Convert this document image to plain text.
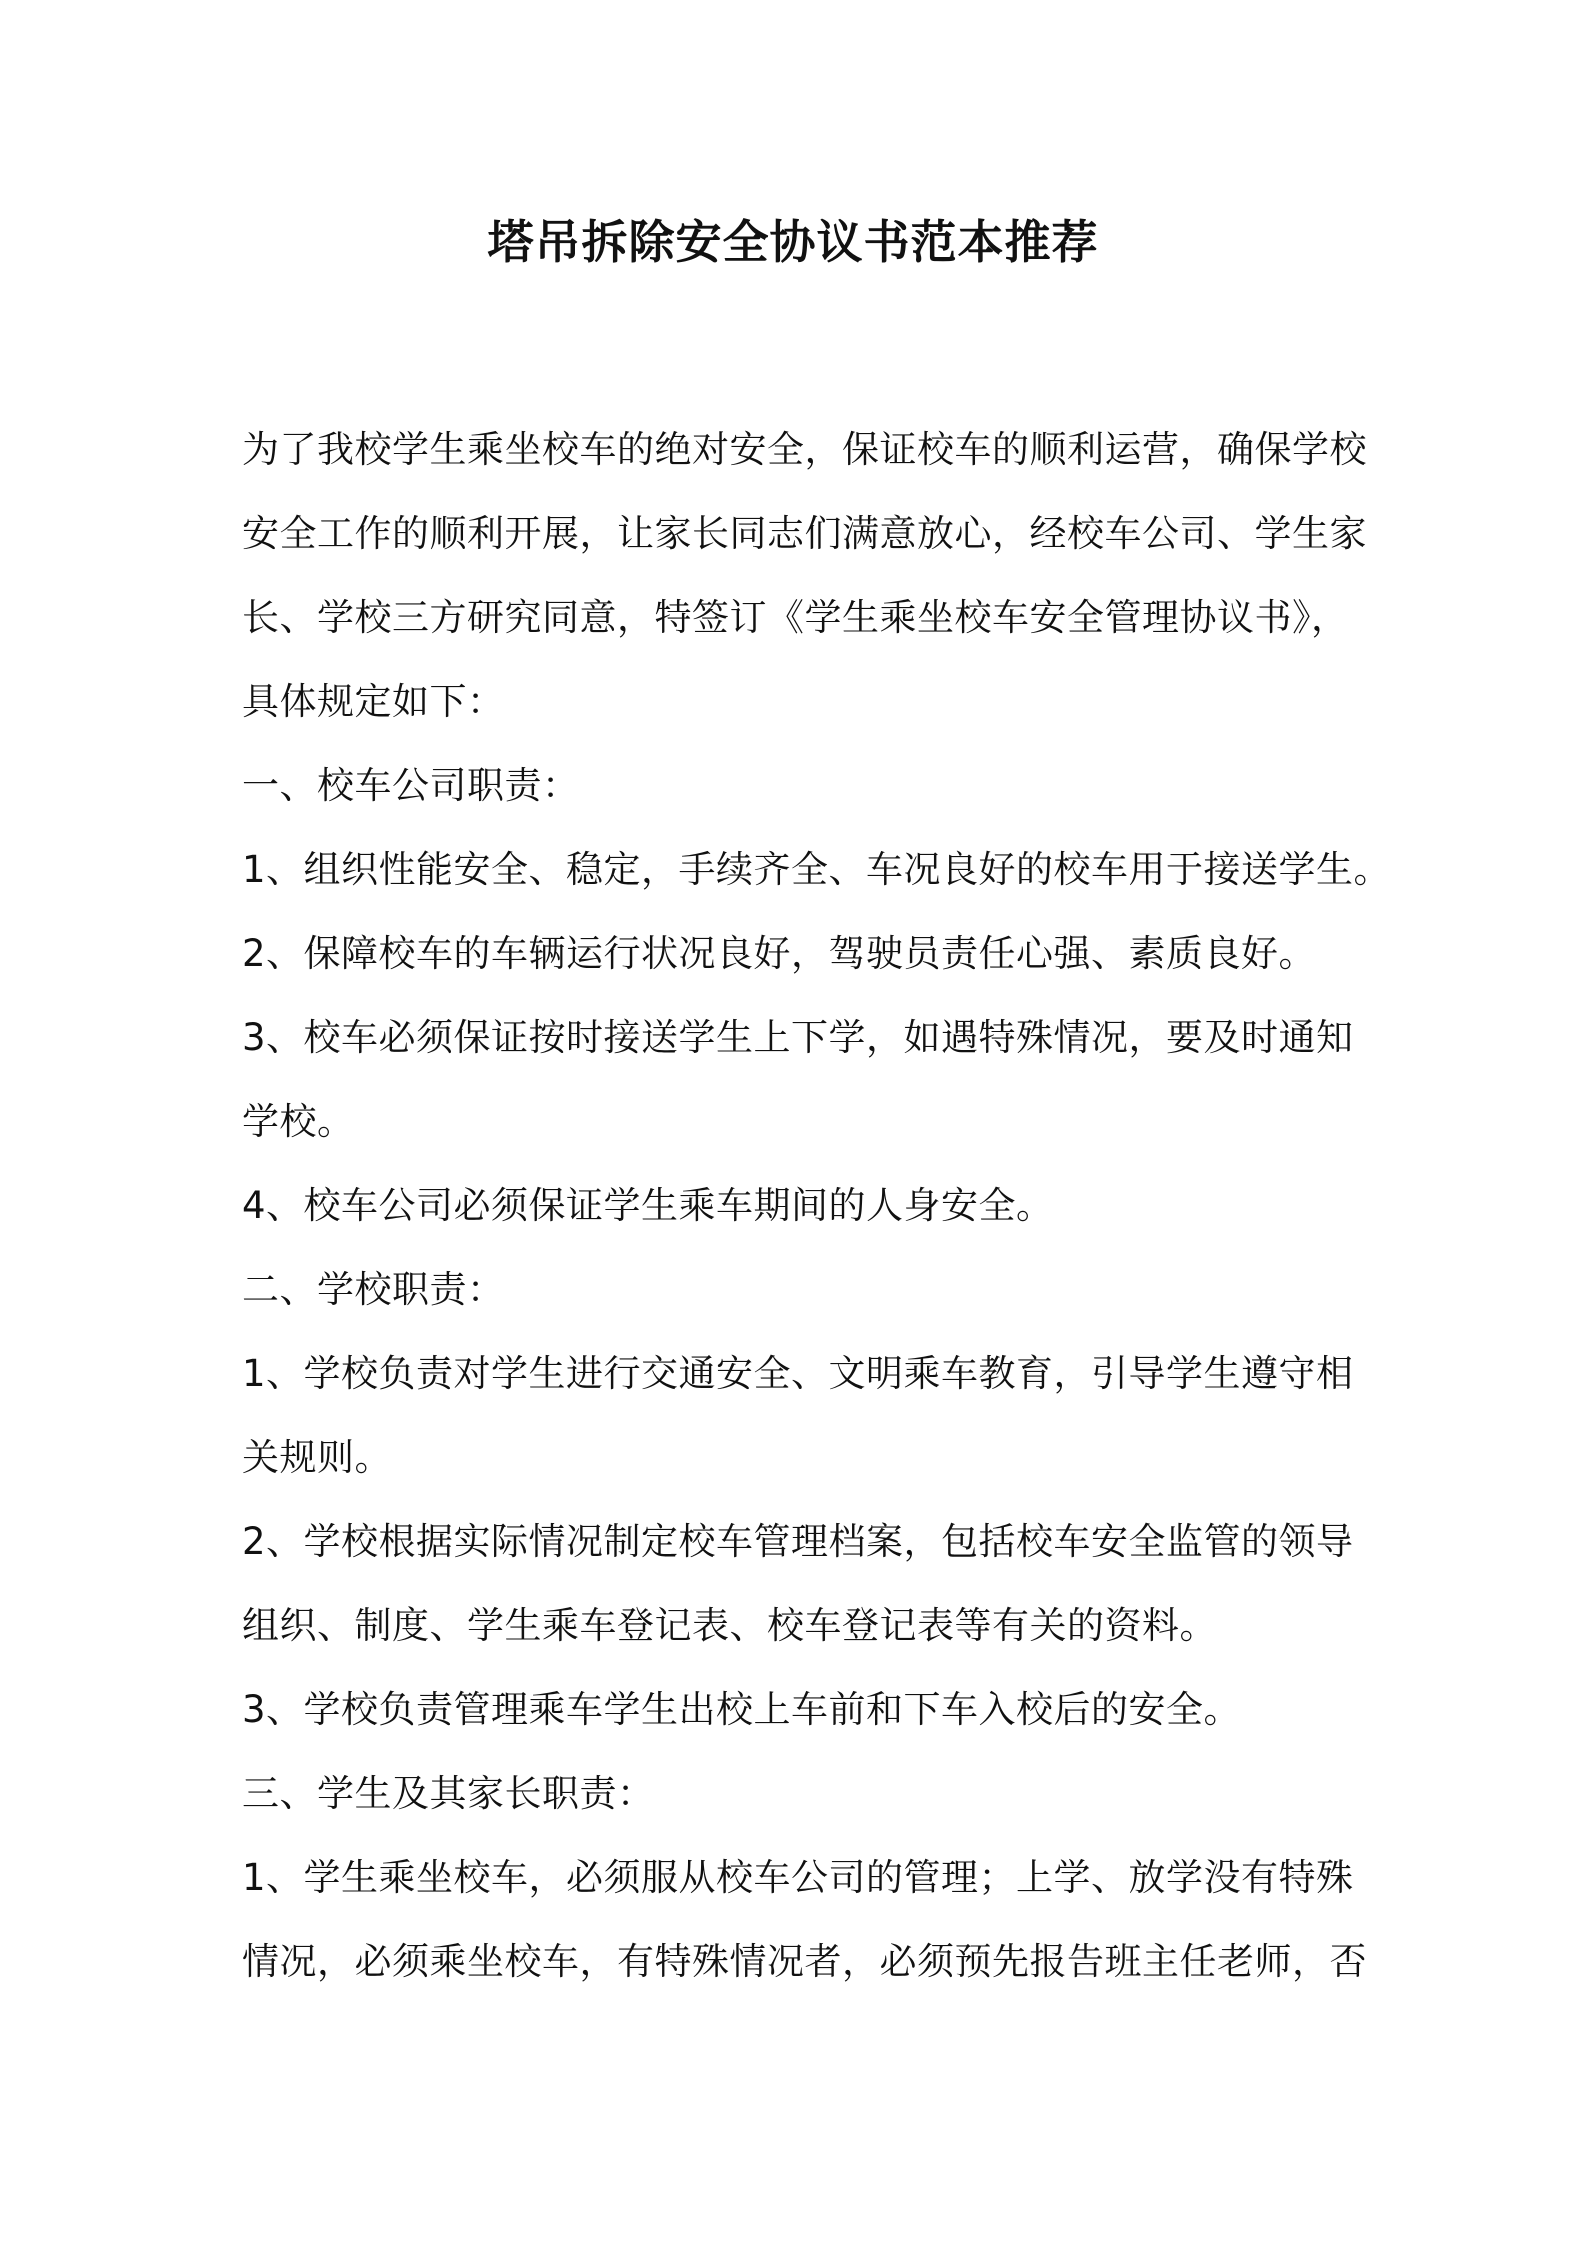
塔吊拆除安全协议书范本推荐

为了我校学生乘坐校车的绝对安全，保证校车的顺利运营，确保学校

安全工作的顺利开展，让家长同志们满意放心，经校车公司、学生家

长、学校三方研究同意，特签订《学生乘坐校车安全管理协议书》，

具体规定如下：

一、校车公司职责：

1、组织性能安全、稳定，手续齐全、车况良好的校车用于接送学生。

2、保障校车的车辆运行状况良好，驾驶员责任心强、素质良好。

3、校车必须保证按时接送学生上下学，如遇特殊情况，要及时通知

学校。

4、校车公司必须保证学生乘车期间的人身安全。

二、学校职责：

1、学校负责对学生进行交通安全、文明乘车教育，引导学生遵守相

关规则。

2、学校根据实际情况制定校车管理档案，包括校车安全监管的领导

组织、制度、学生乘车登记表、校车登记表等有关的资料。

3、学校负责管理乘车学生出校上车前和下车入校后的安全。

三、学生及其家长职责：

1、学生乘坐校车，必须服从校车公司的管理；上学、放学没有特殊

情况，必须乘坐校车，有特殊情况者，必须预先报告班主任老师，否
